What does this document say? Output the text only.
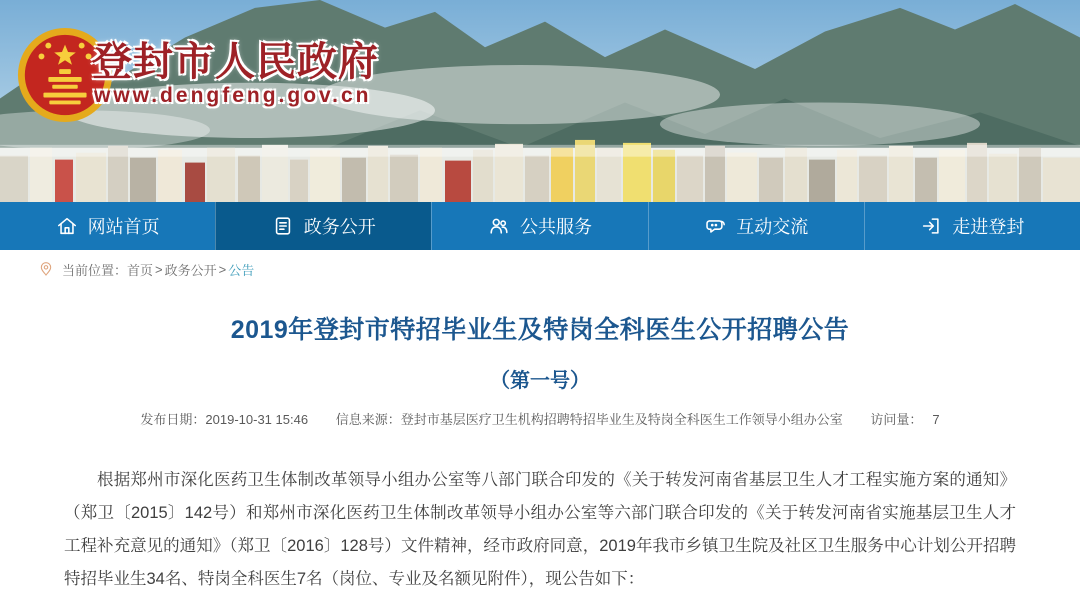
登封市人民政府
www.dengfeng.gov.cn
网站首页	政务公开	公共服务	互动交流	走进登封
当前位置： 首页 > 政务公开 > 公告
2019年登封市特招毕业生及特岗全科医生公开招聘公告
（第一号）
发布日期：2019-10-31 15:46 信息来源：登封市基层医疗卫生机构招聘特招毕业生及特岗全科医生工作领导小组办公室 访问量： 7

根据郑州市深化医药卫生体制改革领导小组办公室等八部门联合印发的《关于转发河南省基层卫生人才工程实施方案的通知》（郑卫〔2015〕142号）和郑州市深化医药卫生体制改革领导小组办公室等六部门联合印发的《关于转发河南省实施基层卫生人才工程补充意见的通知》（郑卫〔2016〕128号）文件精神，经市政府同意，2019年我市乡镇卫生院及社区卫生服务中心计划公开招聘特招毕业生34名、特岗全科医生7名（岗位、专业及名额见附件），现公告如下：
